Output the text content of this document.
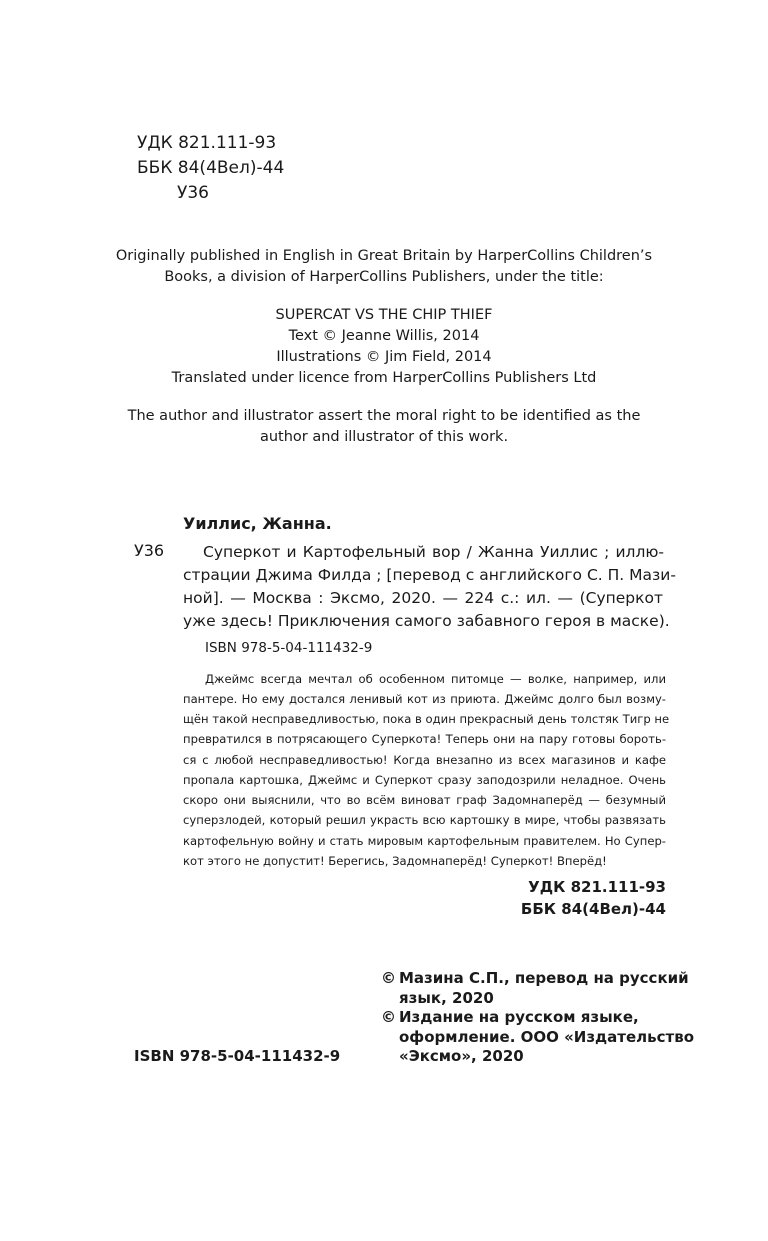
УДК 821.111-93
ББК 84(4Вел)-44
У36
Originally published in English in Great Britain by HarperCollins Children’s
Books, a division of HarperCollins Publishers, under the title:
SUPERCAT VS THE CHIP THIEF
Text © Jeanne Willis, 2014
Illustrations © Jim Field, 2014
Translated under licence from HarperCollins Publishers Ltd
The author and illustrator assert the moral right to be identified as the
author and illustrator of this work.
Уиллис, Жанна.
У36	Суперкот и Картофельный вор / Жанна Уиллис ; иллю-
страции Джима Филда ; [перевод с английского С. П. Мази-
ной]. — Москва : Эксмо, 2020. — 224 с.: ил. — (Суперкот
уже здесь! Приключения самого забавного героя в маске).
ISBN 978-5-04-111432-9
Джеймс всегда мечтал об особенном питомце — волке, например, или
пантере. Но ему достался ленивый кот из приюта. Джеймс долго был возму-
щён такой несправедливостью, пока в один прекрасный день толстяк Тигр не
превратился в потрясающего Суперкота! Теперь они на пару готовы бороть-
ся с любой несправедливостью! Когда внезапно из всех магазинов и кафе
пропала картошка, Джеймс и Суперкот сразу заподозрили неладное. Очень
скоро они выяснили, что во всём виноват граф Задомнаперёд — безумный
суперзлодей, который решил украсть всю картошку в мире, чтобы развязать
картофельную войну и стать мировым картофельным правителем. Но Супер-
кот этого не допустит! Берегись, Задомнаперёд! Суперкот! Вперёд!
УДК 821.111-93
ББК 84(4Вел)-44
© Мазина С.П., перевод на русский
язык, 2020
© Издание на русском языке,
оформление. ООО «Издательство
«Эксмо», 2020
ISBN 978-5-04-111432-9
